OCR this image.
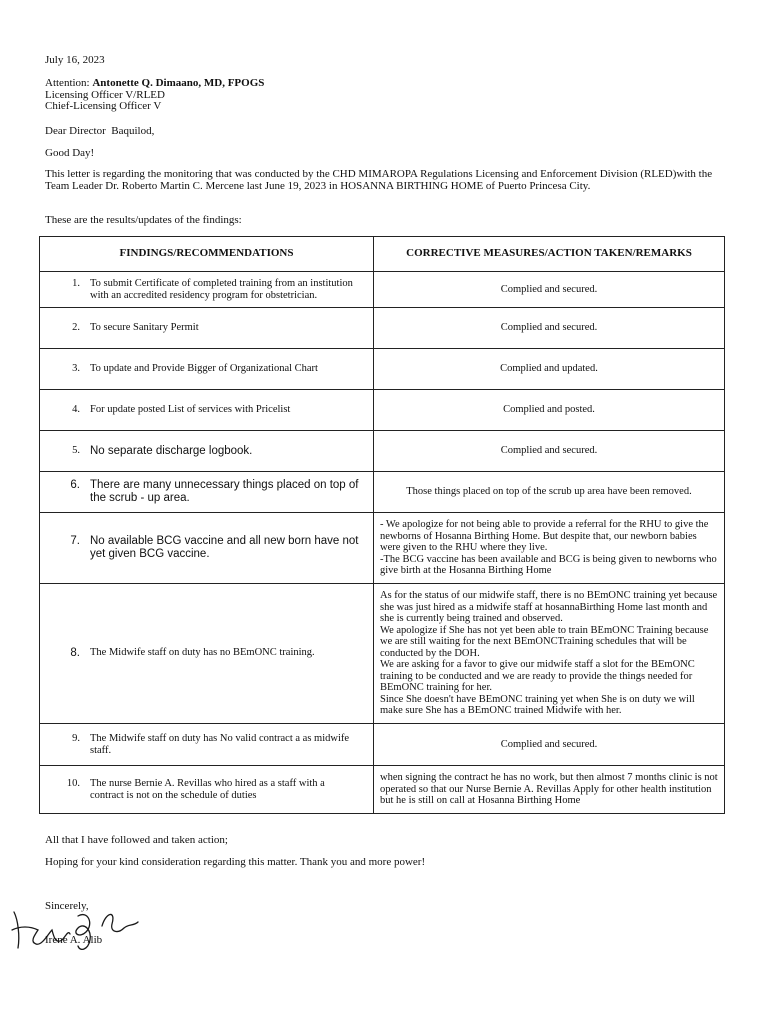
July 16, 2023
Attention: Antonette Q. Dimaano, MD, FPOGS
Licensing Officer V/RLED
Chief-Licensing Officer V
Dear Director  Baquilod,
Good Day!
This letter is regarding the monitoring that was conducted by the CHD MIMAROPA Regulations Licensing and Enforcement Division (RLED)with the Team Leader Dr. Roberto Martin C. Mercene last June 19, 2023 in HOSANNA BIRTHING HOME of Puerto Princesa City.
These are the results/updates of the findings:
FINDINGS/RECOMMENDATIONS	CORRECTIVE MEASURES/ACTION TAKEN/REMARKS
1. To submit Certificate of completed training from an institution with an accredited residency program for obstetrician.	Complied and secured.
2.To secure Sanitary Permit	Complied and secured.
3. To update and Provide Bigger of Organizational Chart	Complied and updated.
4. For update posted List of services with Pricelist	Complied and posted.
5. No separate discharge logbook.	Complied and secured.
6. There are many unnecessary things placed on top of the scrub - up area.	Those things placed on top of the scrub up area have been removed.
7. No available BCG vaccine and all new born have not yet given BCG vaccine.	- We apologize for not being able to provide a referral for the RHU to give the newborns of Hosanna Birthing Home. But despite that, our newborn babies were given to the RHU where they live.
-The BCG vaccine has been available and BCG is being given to newborns who give birth at the Hosanna Birthing Home
8. The Midwife staff on duty has no BEmONC training.	As for the status of our midwife staff, there is no BEmONC training yet because she was just hired as a midwife staff at hosannaBirthing Home last month and she is currently being trained and observed.
We apologize if She has not yet been able to train BEmONC Training because we are still waiting for the next BEmONCTraining schedules that will be conducted by the DOH.
We are asking for a favor to give our midwife staff a slot for the BEmONC training to be conducted and we are ready to provide the things needed for BEmONC training for her.
Since She doesn't have BEmONC training yet when She is on duty we will make sure She has a BEmONC trained Midwife with her.
9. The Midwife staff on duty has No valid contract a as midwife staff.	Complied and secured.
10. The nurse Bernie A. Revillas who hired as a staff with a contract is not on the schedule of duties	when signing the contract he has no work, but then almost 7 months clinic is not operated so that our Nurse Bernie A. Revillas Apply for other health institution but he is still on call at Hosanna Birthing Home
All that I have followed and taken action;
Hoping for your kind consideration regarding this matter. Thank you and more power!
Sincerely,
Irene A. Alib
